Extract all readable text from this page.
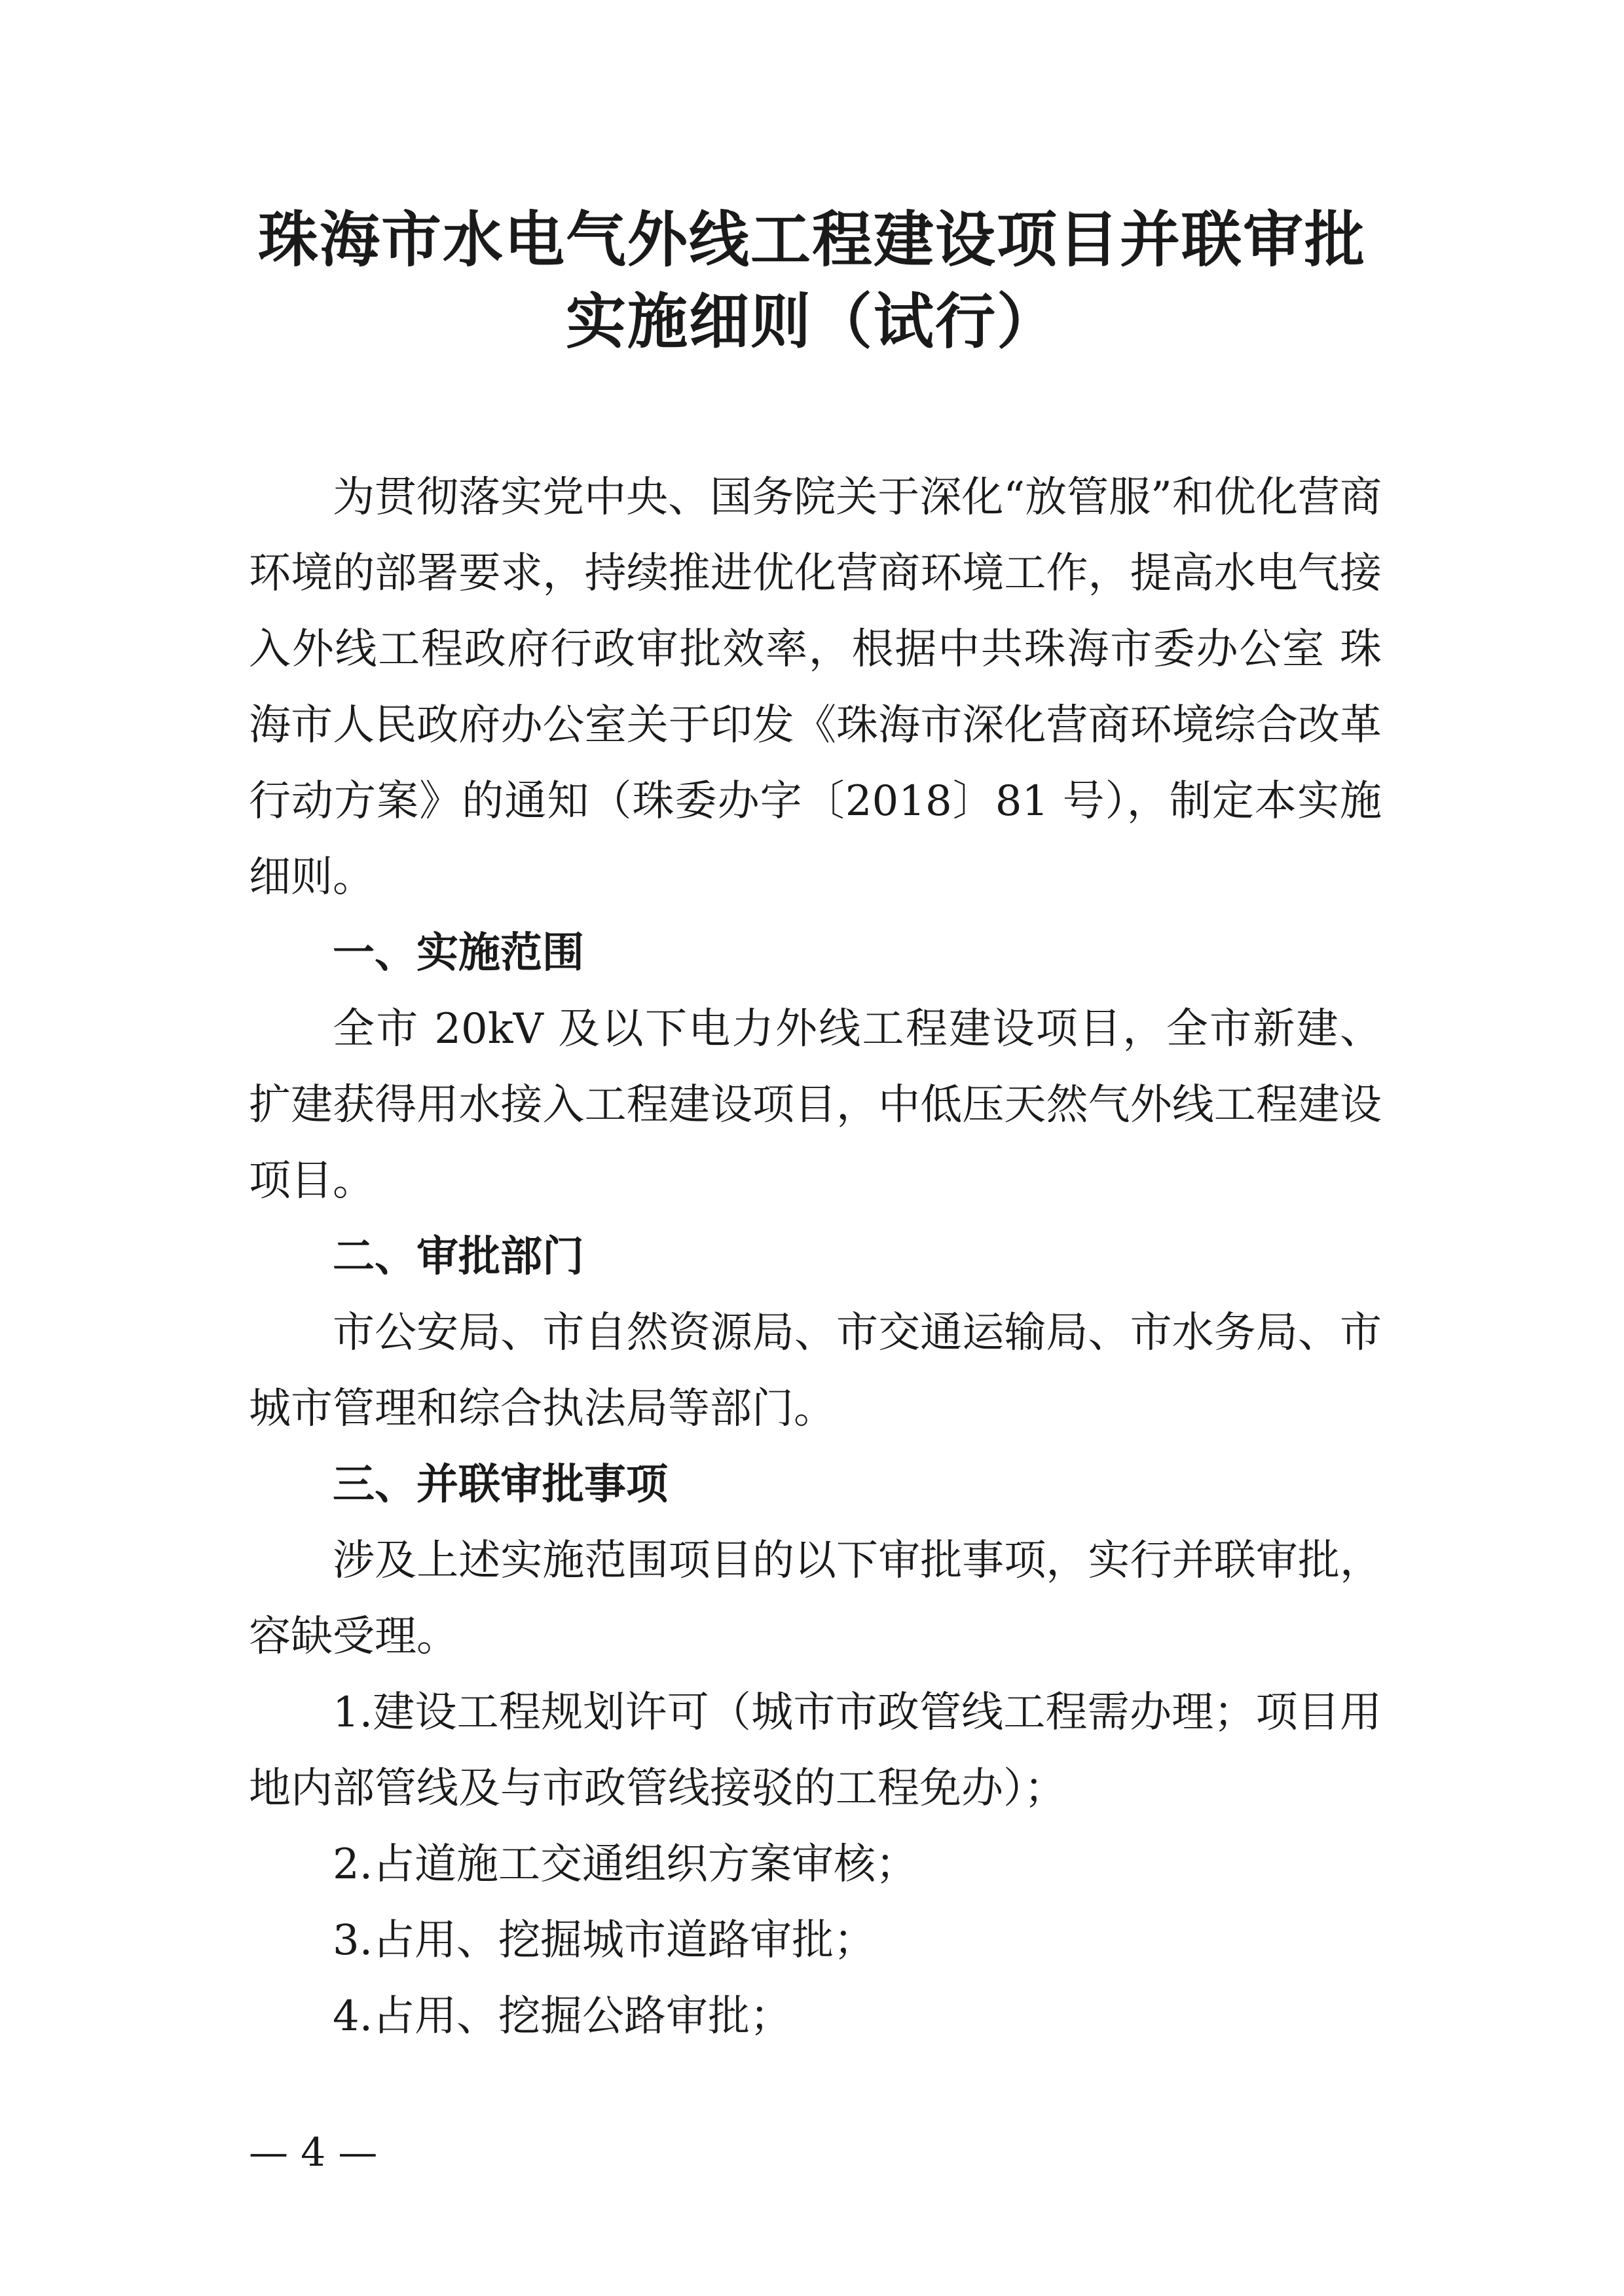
珠海市水电气外线工程建设项目并联审批
实施细则（试行）

为贯彻落实党中央、国务院关于深化“放管服”和优化营商环境的部署要求，持续推进优化营商环境工作，提高水电气接入外线工程政府行政审批效率，根据中共珠海市委办公室 珠海市人民政府办公室关于印发《珠海市深化营商环境综合改革行动方案》的通知（珠委办字〔2018〕81 号），制定本实施细则。

一、实施范围

全市 20kV 及以下电力外线工程建设项目，全市新建、扩建获得用水接入工程建设项目，中低压天然气外线工程建设项目。

二、审批部门

市公安局、市自然资源局、市交通运输局、市水务局、市城市管理和综合执法局等部门。

三、并联审批事项

涉及上述实施范围项目的以下审批事项，实行并联审批，容缺受理。

1.建设工程规划许可（城市市政管线工程需办理；项目用地内部管线及与市政管线接驳的工程免办）；

2.占道施工交通组织方案审核；

3.占用、挖掘城市道路审批；

4.占用、挖掘公路审批；

— 4 —
